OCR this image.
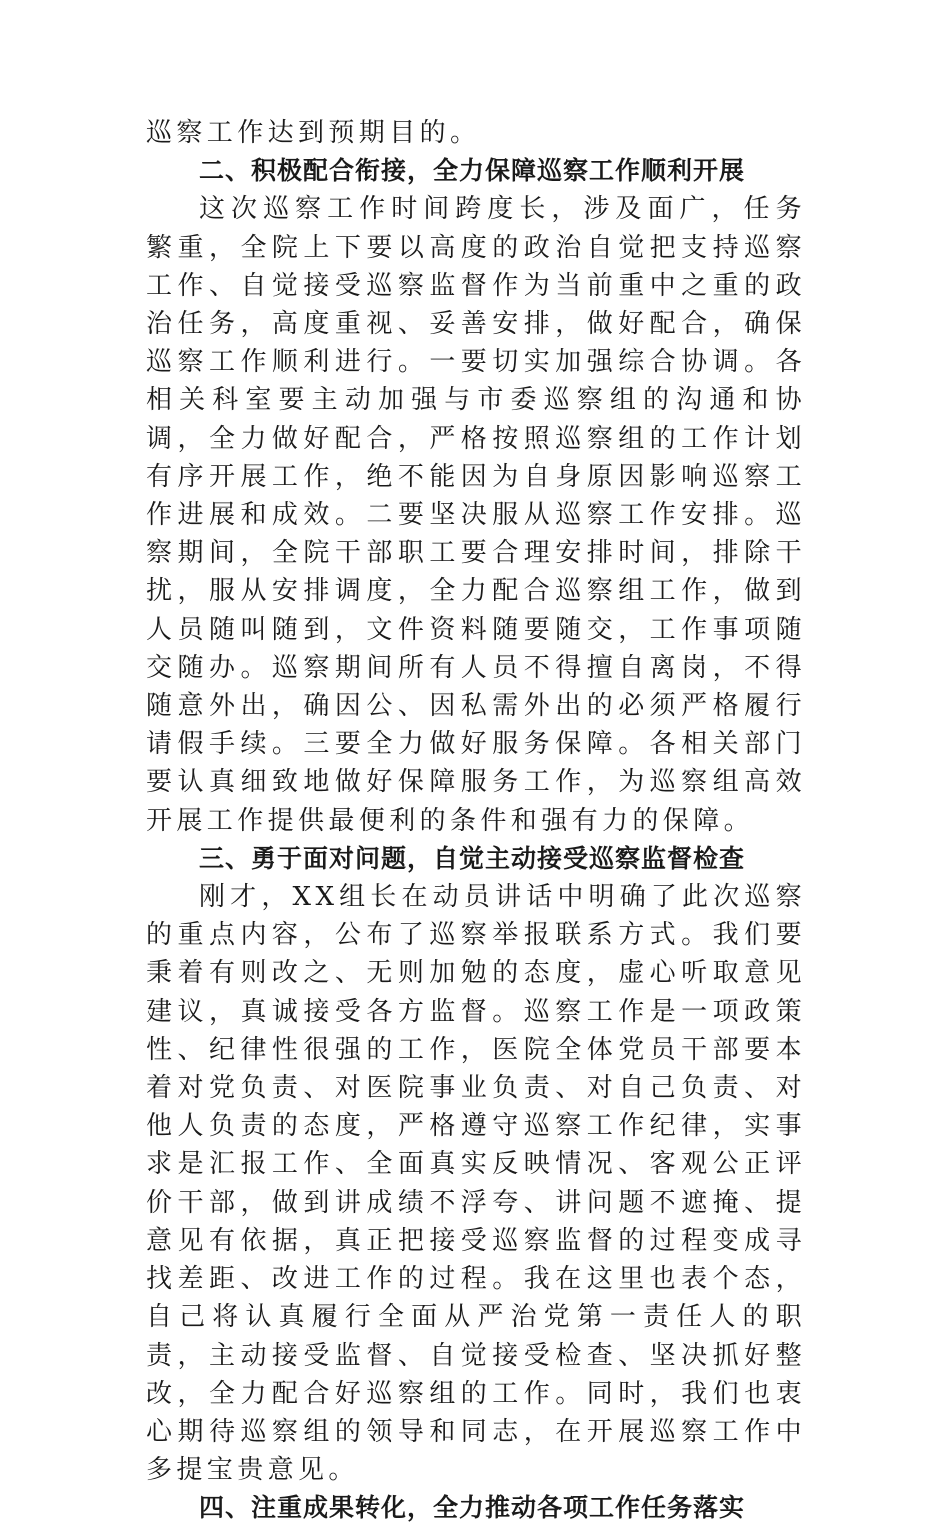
巡察工作达到预期目的。

二、积极配合衔接，全力保障巡察工作顺利开展

这次巡察工作时间跨度长，涉及面广，任务繁重，全院上下要以高度的政治自觉把支持巡察工作、自觉接受巡察监督作为当前重中之重的政治任务，高度重视、妥善安排，做好配合，确保巡察工作顺利进行。一要切实加强综合协调。各相关科室要主动加强与市委巡察组的沟通和协调，全力做好配合，严格按照巡察组的工作计划有序开展工作，绝不能因为自身原因影响巡察工作进展和成效。二要坚决服从巡察工作安排。巡察期间，全院干部职工要合理安排时间，排除干扰，服从安排调度，全力配合巡察组工作，做到人员随叫随到，文件资料随要随交，工作事项随交随办。巡察期间所有人员不得擅自离岗，不得随意外出，确因公、因私需外出的必须严格履行请假手续。三要全力做好服务保障。各相关部门要认真细致地做好保障服务工作，为巡察组高效开展工作提供最便利的条件和强有力的保障。

三、勇于面对问题，自觉主动接受巡察监督检查

刚才，XX组长在动员讲话中明确了此次巡察的重点内容，公布了巡察举报联系方式。我们要秉着有则改之、无则加勉的态度，虚心听取意见建议，真诚接受各方监督。巡察工作是一项政策性、纪律性很强的工作，医院全体党员干部要本着对党负责、对医院事业负责、对自己负责、对他人负责的态度，严格遵守巡察工作纪律，实事求是汇报工作、全面真实反映情况、客观公正评价干部，做到讲成绩不浮夸、讲问题不遮掩、提意见有依据，真正把接受巡察监督的过程变成寻找差距、改进工作的过程。我在这里也表个态，自己将认真履行全面从严治党第一责任人的职责，主动接受监督、自觉接受检查、坚决抓好整改，全力配合好巡察组的工作。同时，我们也衷心期待巡察组的领导和同志，在开展巡察工作中多提宝贵意见。

四、注重成果转化，全力推动各项工作任务落实
